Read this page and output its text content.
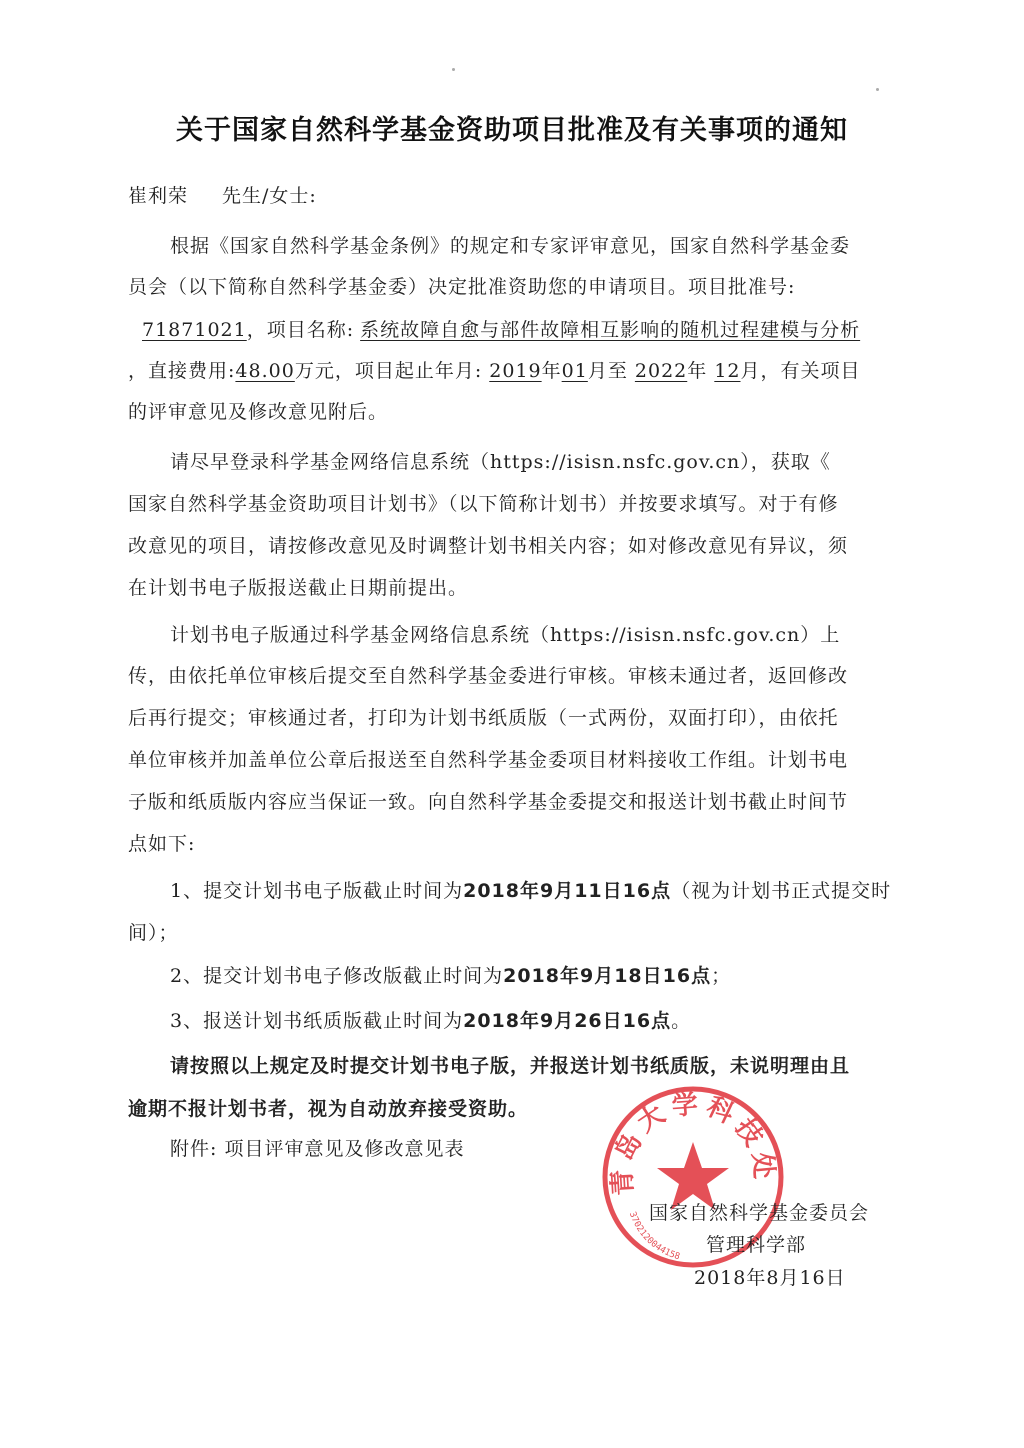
关于国家自然科学基金资助项目批准及有关事项的通知
崔利荣 先生/女士:
根据《国家自然科学基金条例》的规定和专家评审意见，国家自然科学基金委
员会（以下简称自然科学基金委）决定批准资助您的申请项目。项目批准号:
71871021，项目名称: 系统故障自愈与部件故障相互影响的随机过程建模与分析
，直接费用:48.00万元，项目起止年月: 2019年01月至 2022年 12月，有关项目
的评审意见及修改意见附后。
请尽早登录科学基金网络信息系统（https://isisn.nsfc.gov.cn），获取《
国家自然科学基金资助项目计划书》（以下简称计划书）并按要求填写。对于有修
改意见的项目，请按修改意见及时调整计划书相关内容；如对修改意见有异议，须
在计划书电子版报送截止日期前提出。
计划书电子版通过科学基金网络信息系统（https://isisn.nsfc.gov.cn）上
传，由依托单位审核后提交至自然科学基金委进行审核。审核未通过者，返回修改
后再行提交；审核通过者，打印为计划书纸质版（一式两份，双面打印），由依托
单位审核并加盖单位公章后报送至自然科学基金委项目材料接收工作组。计划书电
子版和纸质版内容应当保证一致。向自然科学基金委提交和报送计划书截止时间节
点如下:
1、提交计划书电子版截止时间为2018年9月11日16点（视为计划书正式提交时
间）；
2、提交计划书电子修改版截止时间为2018年9月18日16点；
3、报送计划书纸质版截止时间为2018年9月26日16点。
请按照以上规定及时提交计划书电子版，并报送计划书纸质版，未说明理由且
逾期不报计划书者，视为自动放弃接受资助。
附件: 项目评审意见及修改意见表
青岛大学科技处
3702120044158
国家自然科学基金委员会
管理科学部
2018年8月16日
